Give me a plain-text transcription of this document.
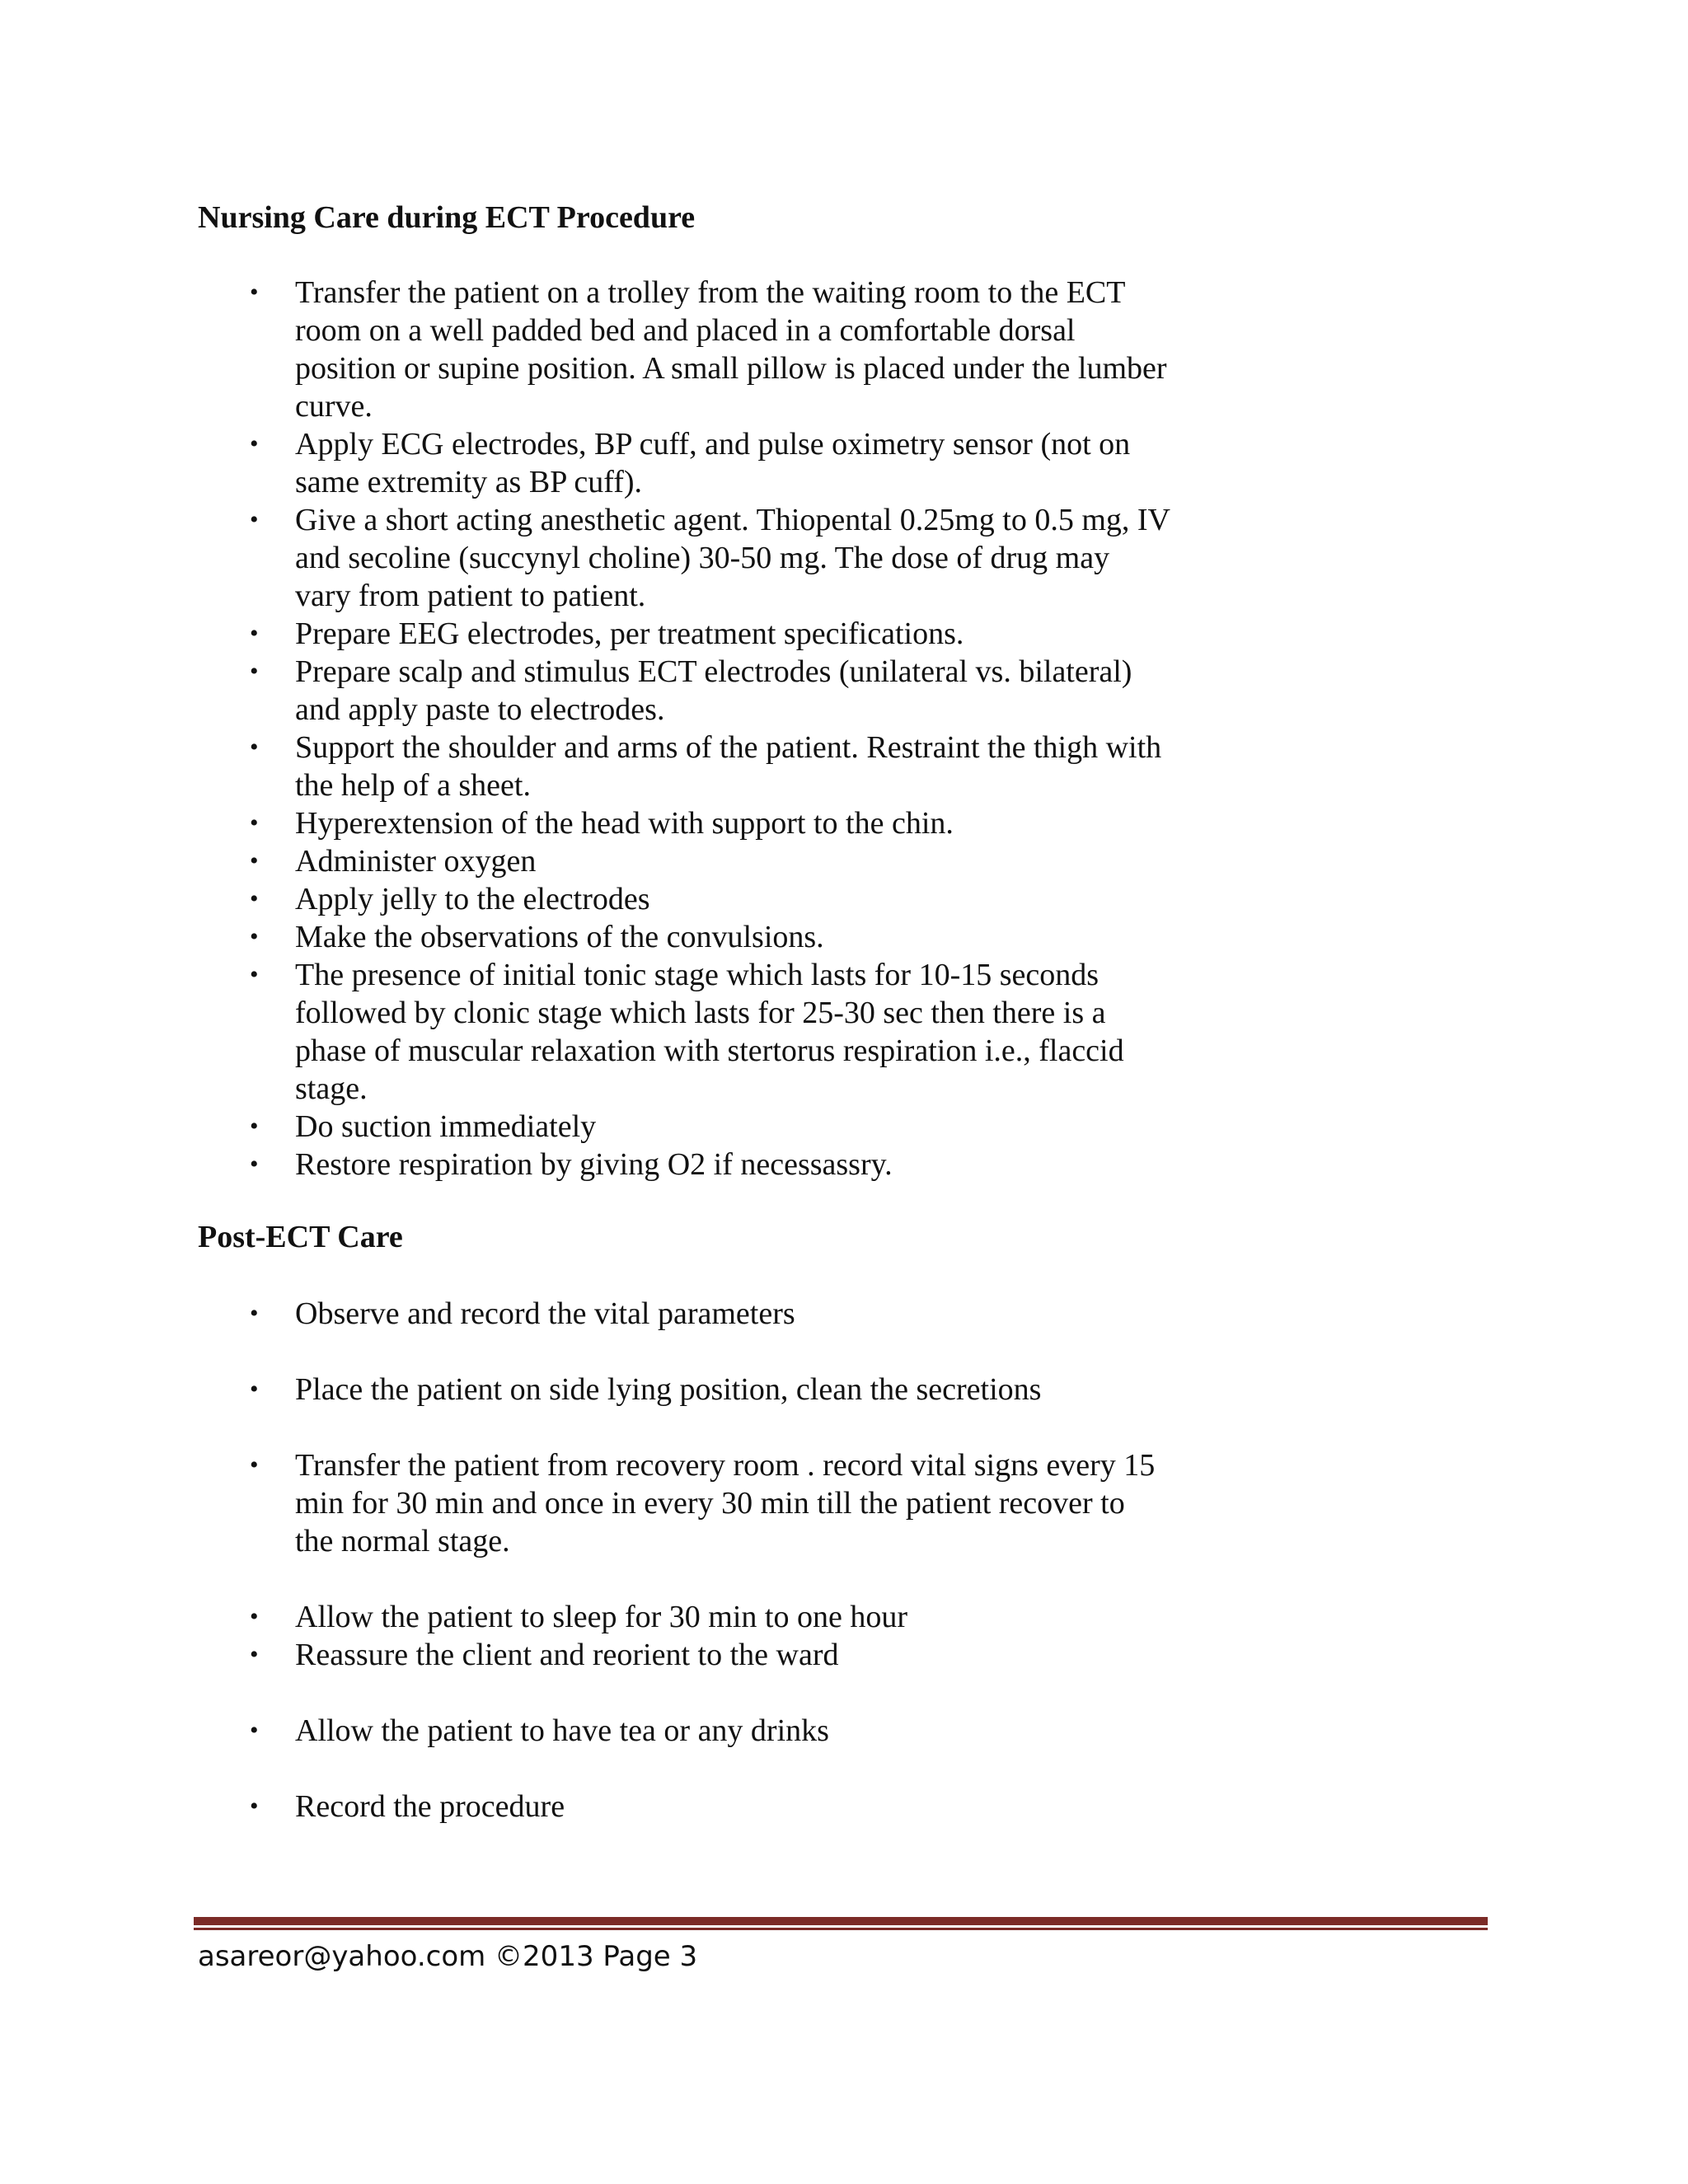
Nursing Care during ECT Procedure
• Transfer the patient on a trolley from the waiting room to the ECT room on a well padded bed and placed in a comfortable dorsal position or supine position. A small pillow is placed under the lumber curve.
• Apply ECG electrodes, BP cuff, and pulse oximetry sensor (not on same extremity as BP cuff).
• Give a short acting anesthetic agent. Thiopental 0.25mg to 0.5 mg, IV and secoline (succynyl choline) 30-50 mg. The dose of drug may vary from patient to patient.
• Prepare EEG electrodes, per treatment specifications.
• Prepare scalp and stimulus ECT electrodes (unilateral vs. bilateral) and apply paste to electrodes.
• Support the shoulder and arms of the patient. Restraint the thigh with the help of a sheet.
• Hyperextension of the head with support to the chin.
• Administer oxygen
• Apply jelly to the electrodes
• Make the observations of the convulsions.
• The presence of initial tonic stage which lasts for 10-15 seconds followed by clonic stage which lasts for 25-30 sec then there is a phase of muscular relaxation with stertorus respiration i.e., flaccid stage.
• Do suction immediately
• Restore respiration by giving O2 if necessassry.
Post-ECT Care
• Observe and record the vital parameters
• Place the patient on side lying position, clean the secretions
• Transfer the patient from recovery room . record vital signs every 15 min for 30 min and once in every 30 min till the patient recover to the normal stage.
• Allow the patient to sleep for 30 min to one hour
• Reassure the client and reorient to the ward
• Allow the patient to have tea or any drinks
• Record the procedure
asareor@yahoo.com ©2013 Page 3
